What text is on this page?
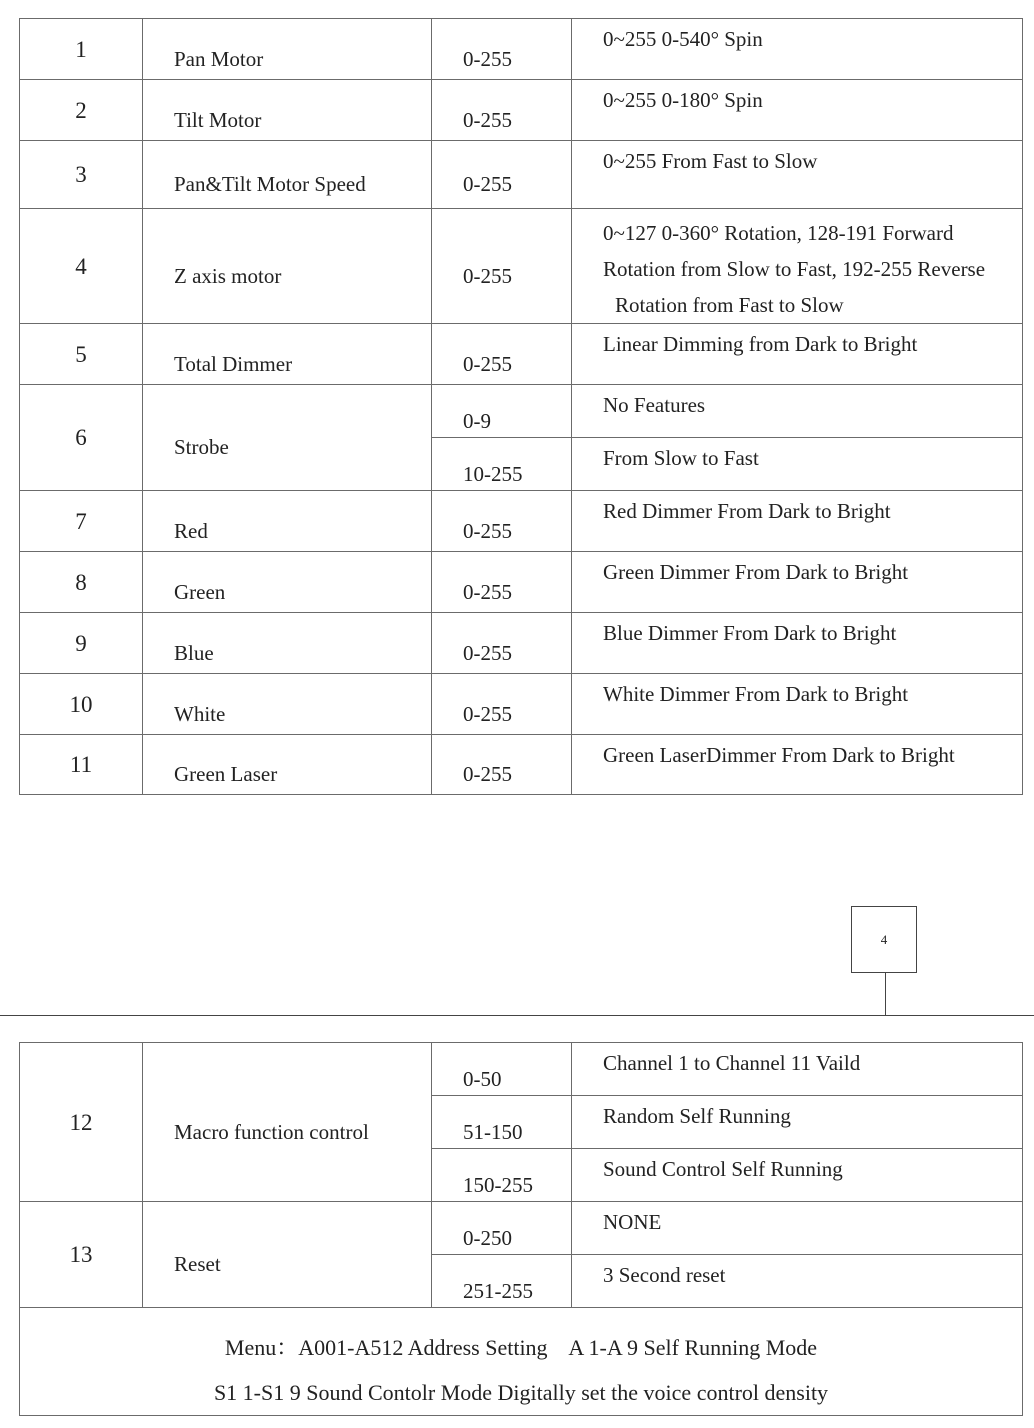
1	Pan Motor	0-255	0~255 0-540° Spin
2	Tilt Motor	0-255	0~255 0-180° Spin
3	Pan&Tilt Motor Speed	0-255	0~255 From Fast to Slow
4	Z axis motor	0-255	0~127 0-360° Rotation, 128-191 Forward
Rotation from Slow to Fast, 192-255 Reverse
Rotation from Fast to Slow

5	Total Dimmer	0-255	Linear Dimming from Dark to Bright
6	Strobe	0-9	No Features
		10-255	From Slow to Fast
7	Red	0-255	Red Dimmer From Dark to Bright
8	Green	0-255	Green Dimmer From Dark to Bright
9	Blue	0-255	Blue Dimmer From Dark to Bright
10	White	0-255	White Dimmer From Dark to Bright
11	Green Laser	0-255	Green LaserDimmer From Dark to Bright
4
12	Macro function control	0-50	Channel 1 to Channel 11 Vaild
		51-150	Random Self Running
		150-255	Sound Control Self Running
13	Reset	0-250	NONE
		251-255	3 Second reset

Menu：A001-A512 Address Setting    A 1-A 9 Self Running Mode
S1 1-S1 9 Sound Contolr Mode Digitally set the voice control density			
